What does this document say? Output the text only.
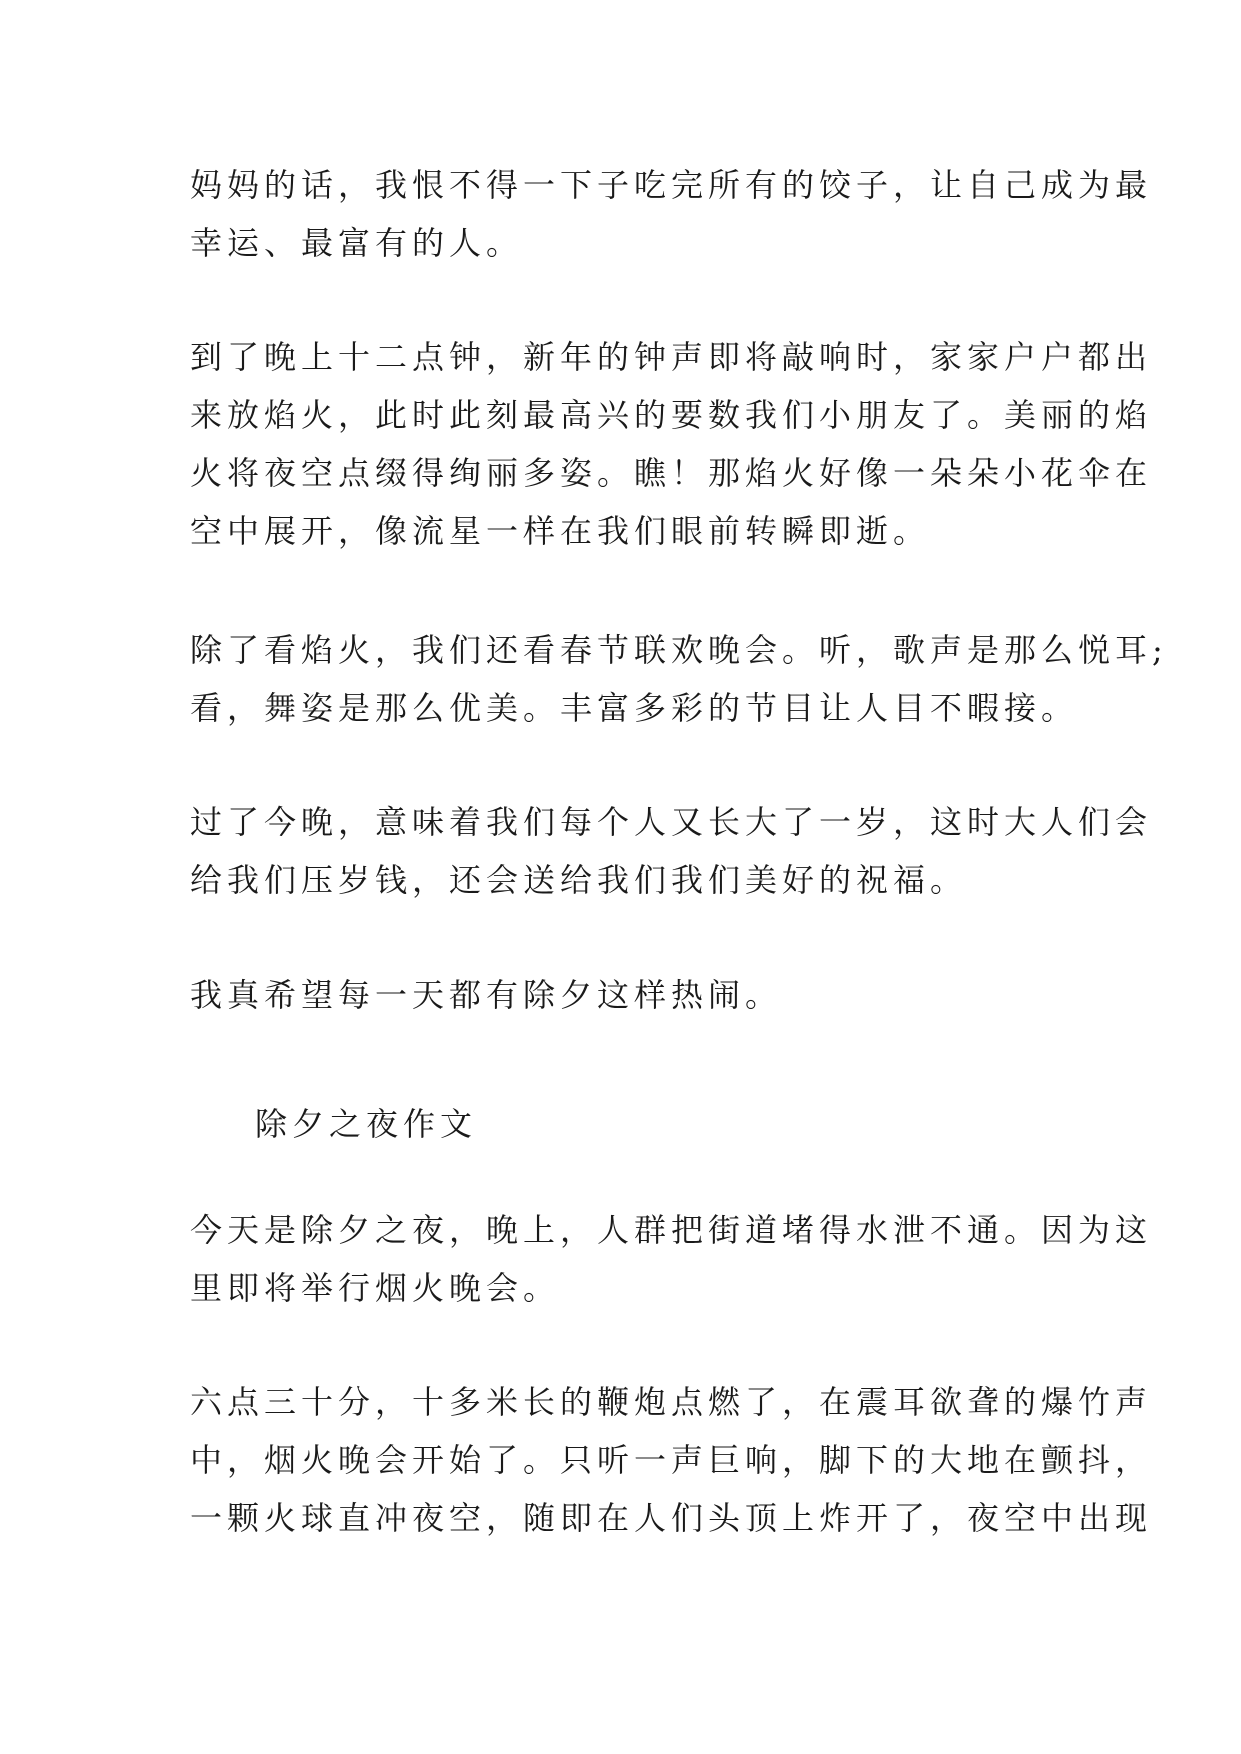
妈妈的话，我恨不得一下子吃完所有的饺子，让自己成为最
幸运、最富有的人。
到了晚上十二点钟，新年的钟声即将敲响时，家家户户都出
来放焰火，此时此刻最高兴的要数我们小朋友了。美丽的焰
火将夜空点缀得绚丽多姿。瞧！那焰火好像一朵朵小花伞在
空中展开，像流星一样在我们眼前转瞬即逝。
除了看焰火，我们还看春节联欢晚会。听，歌声是那么悦耳;
看，舞姿是那么优美。丰富多彩的节目让人目不暇接。
过了今晚，意味着我们每个人又长大了一岁，这时大人们会
给我们压岁钱，还会送给我们我们美好的祝福。
我真希望每一天都有除夕这样热闹。
除夕之夜作文
今天是除夕之夜，晚上，人群把街道堵得水泄不通。因为这
里即将举行烟火晚会。
六点三十分，十多米长的鞭炮点燃了，在震耳欲聋的爆竹声
中，烟火晚会开始了。只听一声巨响，脚下的大地在颤抖，
一颗火球直冲夜空，随即在人们头顶上炸开了，夜空中出现
